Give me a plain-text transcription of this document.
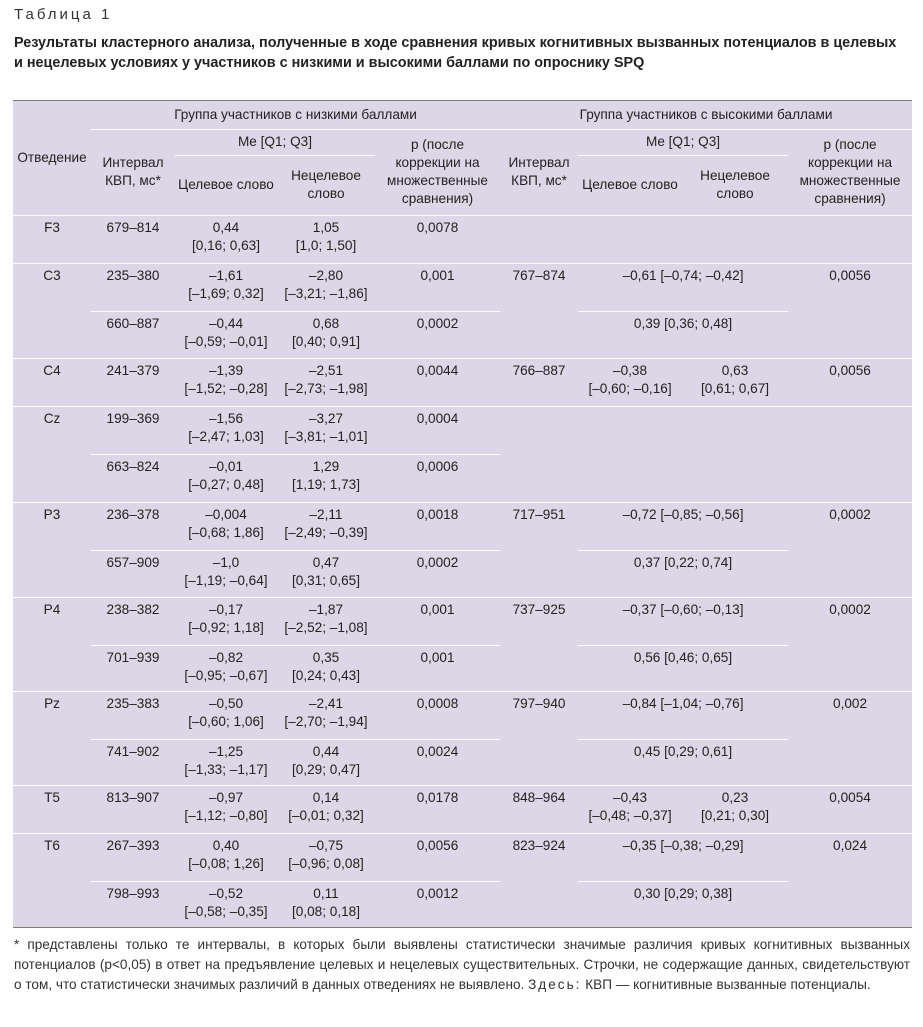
Таблица 1
Результаты кластерного анализа, полученные в ходе сравнения кривых когнитивных вызванных потенциалов в целевых и нецелевых условиях у участников с низкими и высокими баллами по опроснику SPQ
Отведение	Группа участников с низкими баллами				Группа участников с высокими баллами			
	Интервал КВП, мс*	Me [Q1; Q3]		р (после коррекции на множественные сравнения)	Интервал КВП, мс*	Me [Q1; Q3]		р (после коррекции на множественные сравнения)
		Целевое слово	Нецелевое слово			Целевое слово	Нецелевое слово	
F3	679–814	0,44
[0,16; 0,63]	1,05
[1,0; 1,50]	0,0078				
C3	235–380	–1,61
[–1,69; 0,32]	–2,80
[–3,21; –1,86]	0,001	767–874	–0,61 [–0,74; –0,42]		0,0056
	660–887	–0,44
[–0,59; –0,01]	0,68
[0,40; 0,91]	0,0002		0,39 [0,36; 0,48]		
C4	241–379	–1,39
[–1,52; –0,28]	–2,51
[–2,73; –1,98]	0,0044	766–887	–0,38
[–0,60; –0,16]	0,63
[0,61; 0,67]	0,0056
Cz	199–369	–1,56
[–2,47; 1,03]	–3,27
[–3,81; –1,01]	0,0004				
	663–824	–0,01
[–0,27; 0,48]	1,29
[1,19; 1,73]	0,0006				
P3	236–378	–0,004
[–0,68; 1,86]	–2,11
[–2,49; –0,39]	0,0018	717–951	–0,72 [–0,85; –0,56]		0,0002
	657–909	–1,0
[–1,19; –0,64]	0,47
[0,31; 0,65]	0,0002		0,37 [0,22; 0,74]		
P4	238–382	–0,17
[–0,92; 1,18]	–1,87
[–2,52; –1,08]	0,001	737–925	–0,37 [–0,60; –0,13]		0,0002
	701–939	–0,82
[–0,95; –0,67]	0,35
[0,24; 0,43]	0,001		0,56 [0,46; 0,65]		
Pz	235–383	–0,50
[–0,60; 1,06]	–2,41
[–2,70; –1,94]	0,0008	797–940	–0,84 [–1,04; –0,76]		0,002
	741–902	–1,25
[–1,33; –1,17]	0,44
[0,29; 0,47]	0,0024		0,45 [0,29; 0,61]		
T5	813–907	–0,97
[–1,12; –0,80]	0,14
[–0,01; 0,32]	0,0178	848–964	–0,43
[–0,48; –0,37]	0,23
[0,21; 0,30]	0,0054
T6	267–393	0,40
[–0,08; 1,26]	–0,75
[–0,96; 0,08]	0,0056	823–924	–0,35 [–0,38; –0,29]		0,024
	798–993	–0,52
[–0,58; –0,35]	0,11
[0,08; 0,18]	0,0012		0,30 [0,29; 0,38]		
* представлены только те интервалы, в которых были выявлены статистически значимые различия кривых когнитивных вызванных потенциалов (p<0,05) в ответ на предъявление целевых и нецелевых существительных. Строчки, не содержащие данных, свидетельствуют о том, что статистически значимых различий в данных отведениях не выявлено. Здесь: КВП — когнитивные вызванные потенциалы.
